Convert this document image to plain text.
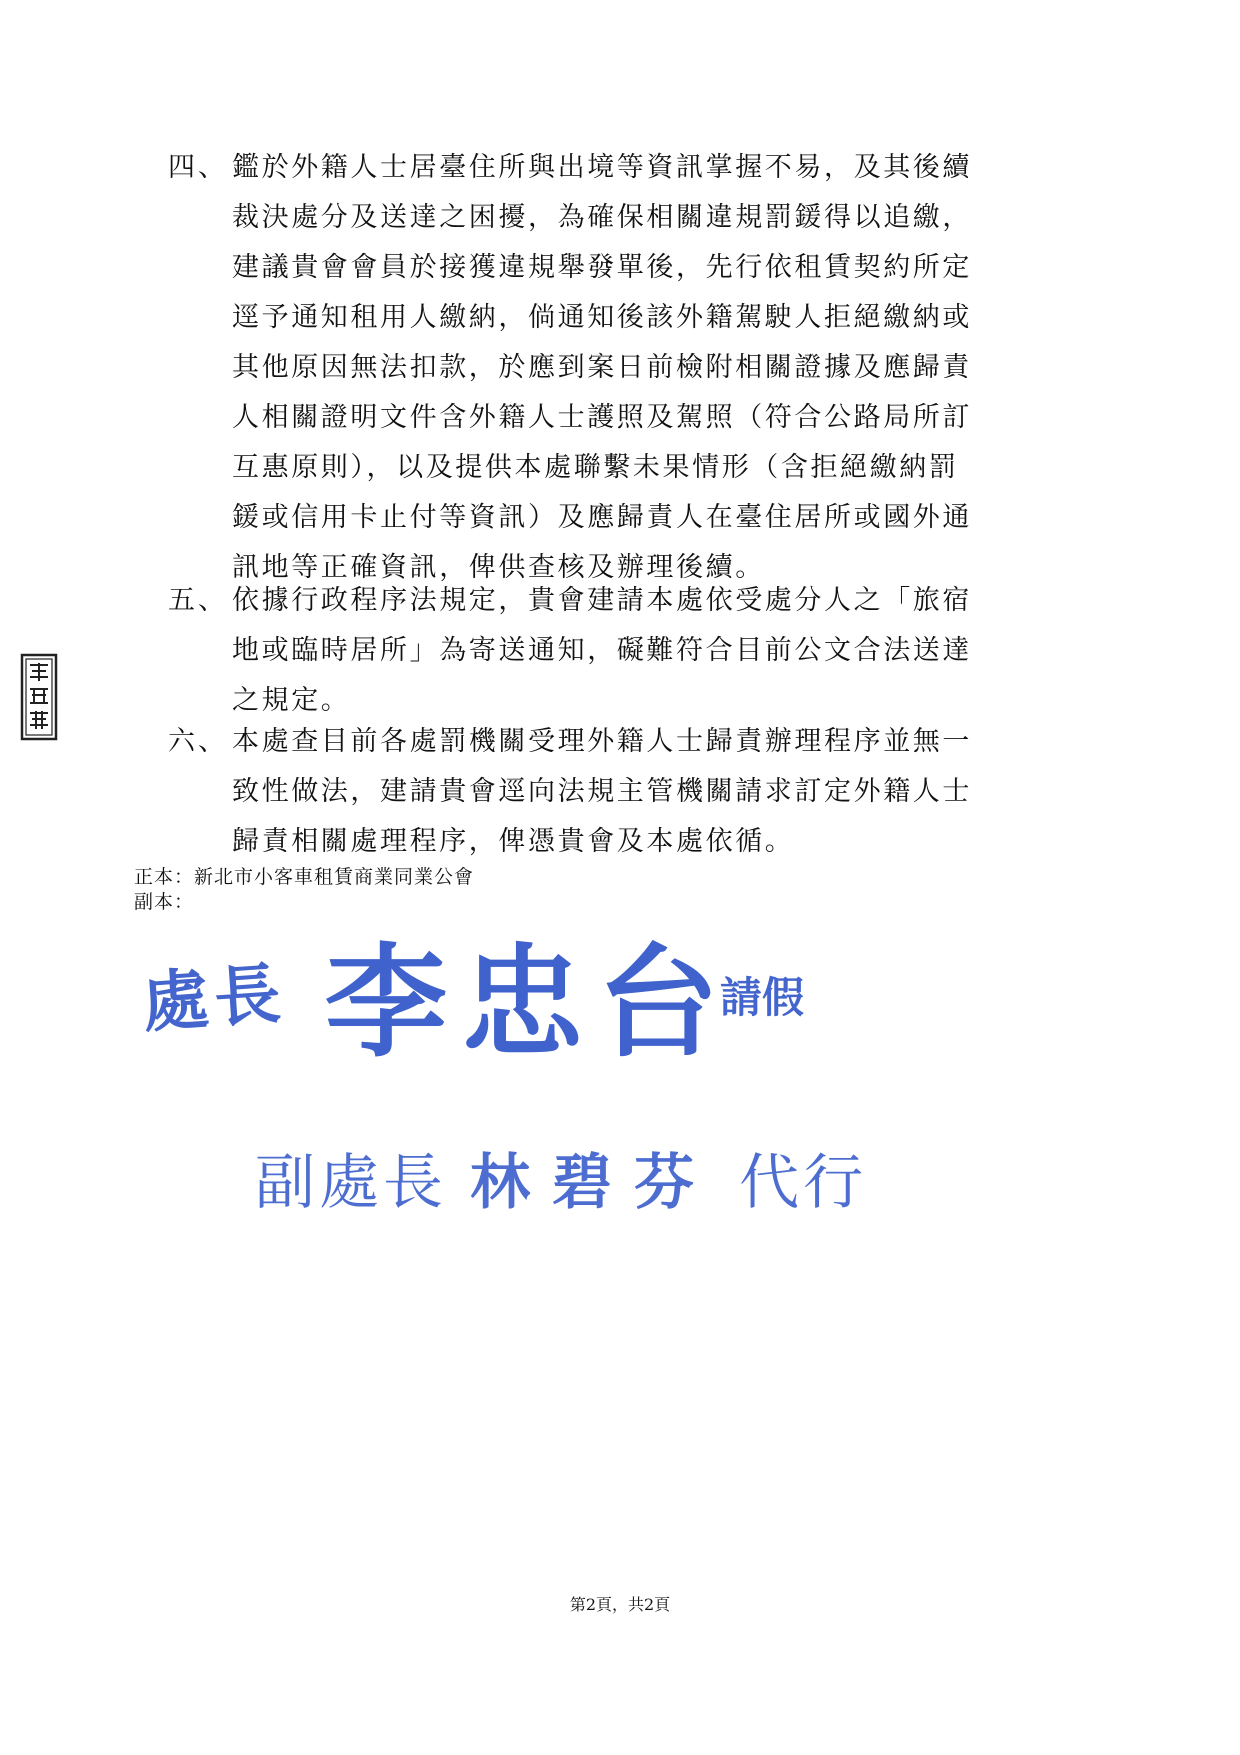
四、 鑑於外籍人士居臺住所與出境等資訊掌握不易，及其後續
裁決處分及送達之困擾，為確保相關違規罰鍰得以追繳，
建議貴會會員於接獲違規舉發單後，先行依租賃契約所定
逕予通知租用人繳納，倘通知後該外籍駕駛人拒絕繳納或
其他原因無法扣款，於應到案日前檢附相關證據及應歸責
人相關證明文件含外籍人士護照及駕照（符合公路局所訂
互惠原則），以及提供本處聯繫未果情形（含拒絕繳納罰
鍰或信用卡止付等資訊）及應歸責人在臺住居所或國外通
訊地等正確資訊，俾供查核及辦理後續。
五、 依據行政程序法規定，貴會建請本處依受處分人之「旅宿
地或臨時居所」為寄送通知，礙難符合目前公文合法送達
之規定。
六、 本處查目前各處罰機關受理外籍人士歸責辦理程序並無一
致性做法，建請貴會逕向法規主管機關請求訂定外籍人士
歸責相關處理程序，俾憑貴會及本處依循。
正本：新北市小客車租賃商業同業公會
副本：
處長 李忠台
請假
副處長 林碧芬 代行
第2頁，共2頁
